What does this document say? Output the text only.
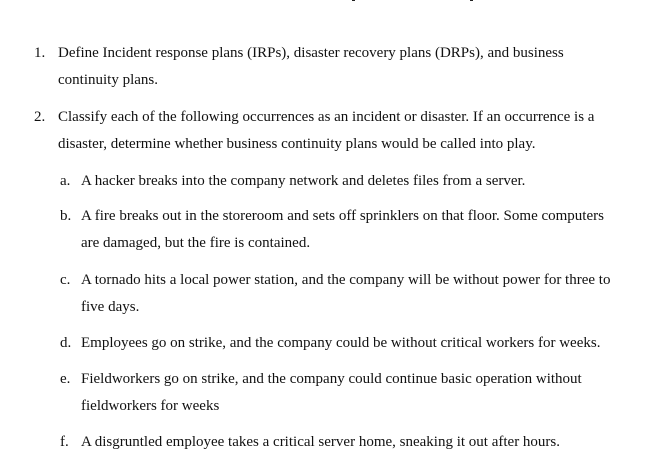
1. Define Incident response plans (IRPs), disaster recovery plans (DRPs), and business
continuity plans.
2. Classify each of the following occurrences as an incident or disaster. If an occurrence is a
disaster, determine whether business continuity plans would be called into play.
a. A hacker breaks into the company network and deletes files from a server.
b. A fire breaks out in the storeroom and sets off sprinklers on that floor. Some computers
are damaged, but the fire is contained.
c. A tornado hits a local power station, and the company will be without power for three to
five days.
d. Employees go on strike, and the company could be without critical workers for weeks.
e. Fieldworkers go on strike, and the company could continue basic operation without
fieldworkers for weeks
f. A disgruntled employee takes a critical server home, sneaking it out after hours.
